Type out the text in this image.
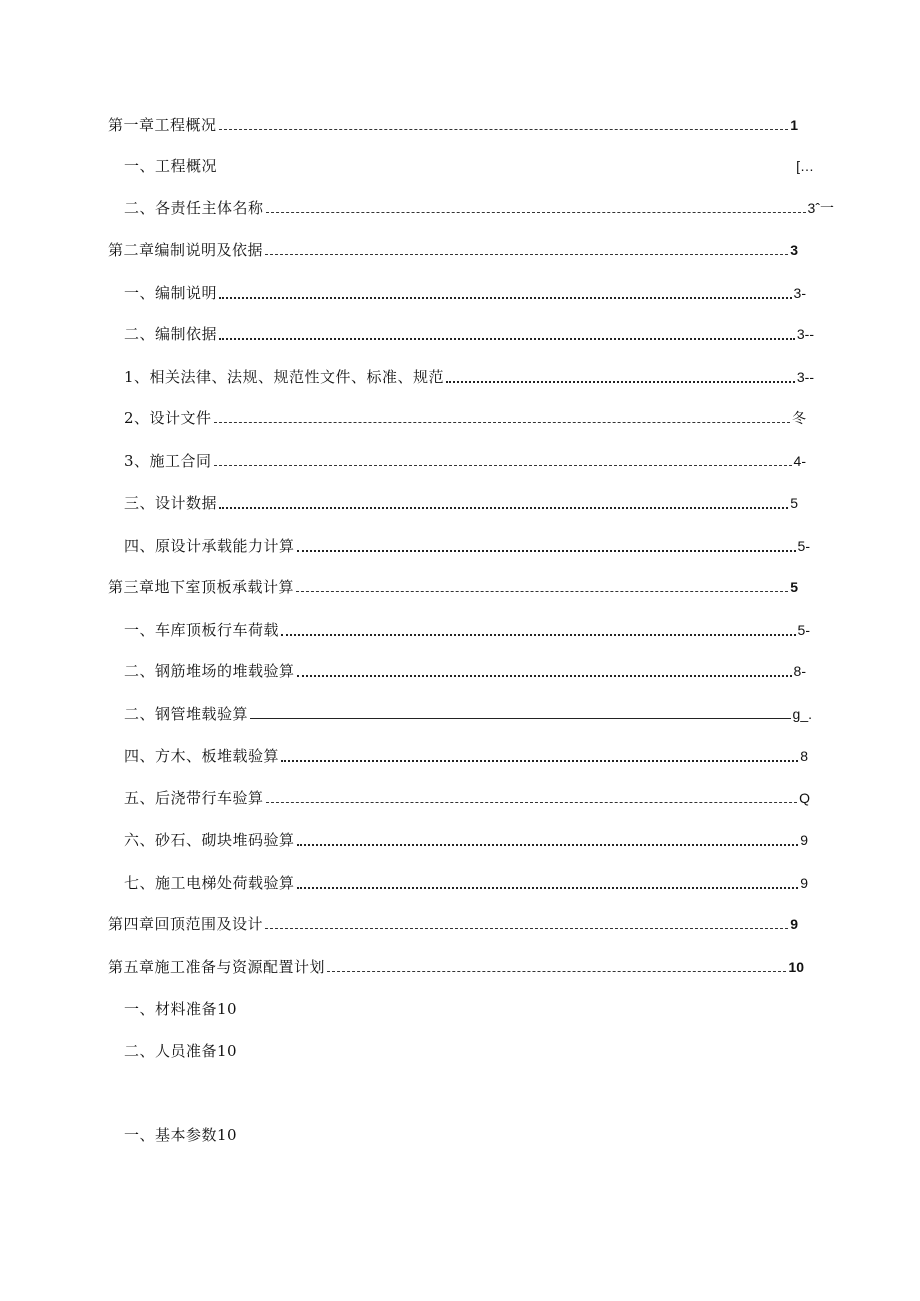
第一章工程概况	1
一、工程概况	[…
二、各责任主体名称	3ˆ一
第二章编制说明及依据	3
一、编制说明	3-
二、编制依据	3--
1、相关法律、法规、规范性文件、标准、规范	3--
2、设计文件	冬
3、施工合同	4-
三、设计数据	5
四、原设计承载能力计算	5-
第三章地下室顶板承载计算	5
一、车库顶板行车荷载	5-
二、钢筋堆场的堆载验算	8-
二、钢管堆载验算	g_.
四、方木、板堆载验算	8
五、后浇带行车验算	Q
六、砂石、砌块堆码验算	9
七、施工电梯处荷载验算	9
第四章回顶范围及设计	9
第五章施工准备与资源配置计划	10
一、材料准备10
二、人员准备10
一、基本参数10
